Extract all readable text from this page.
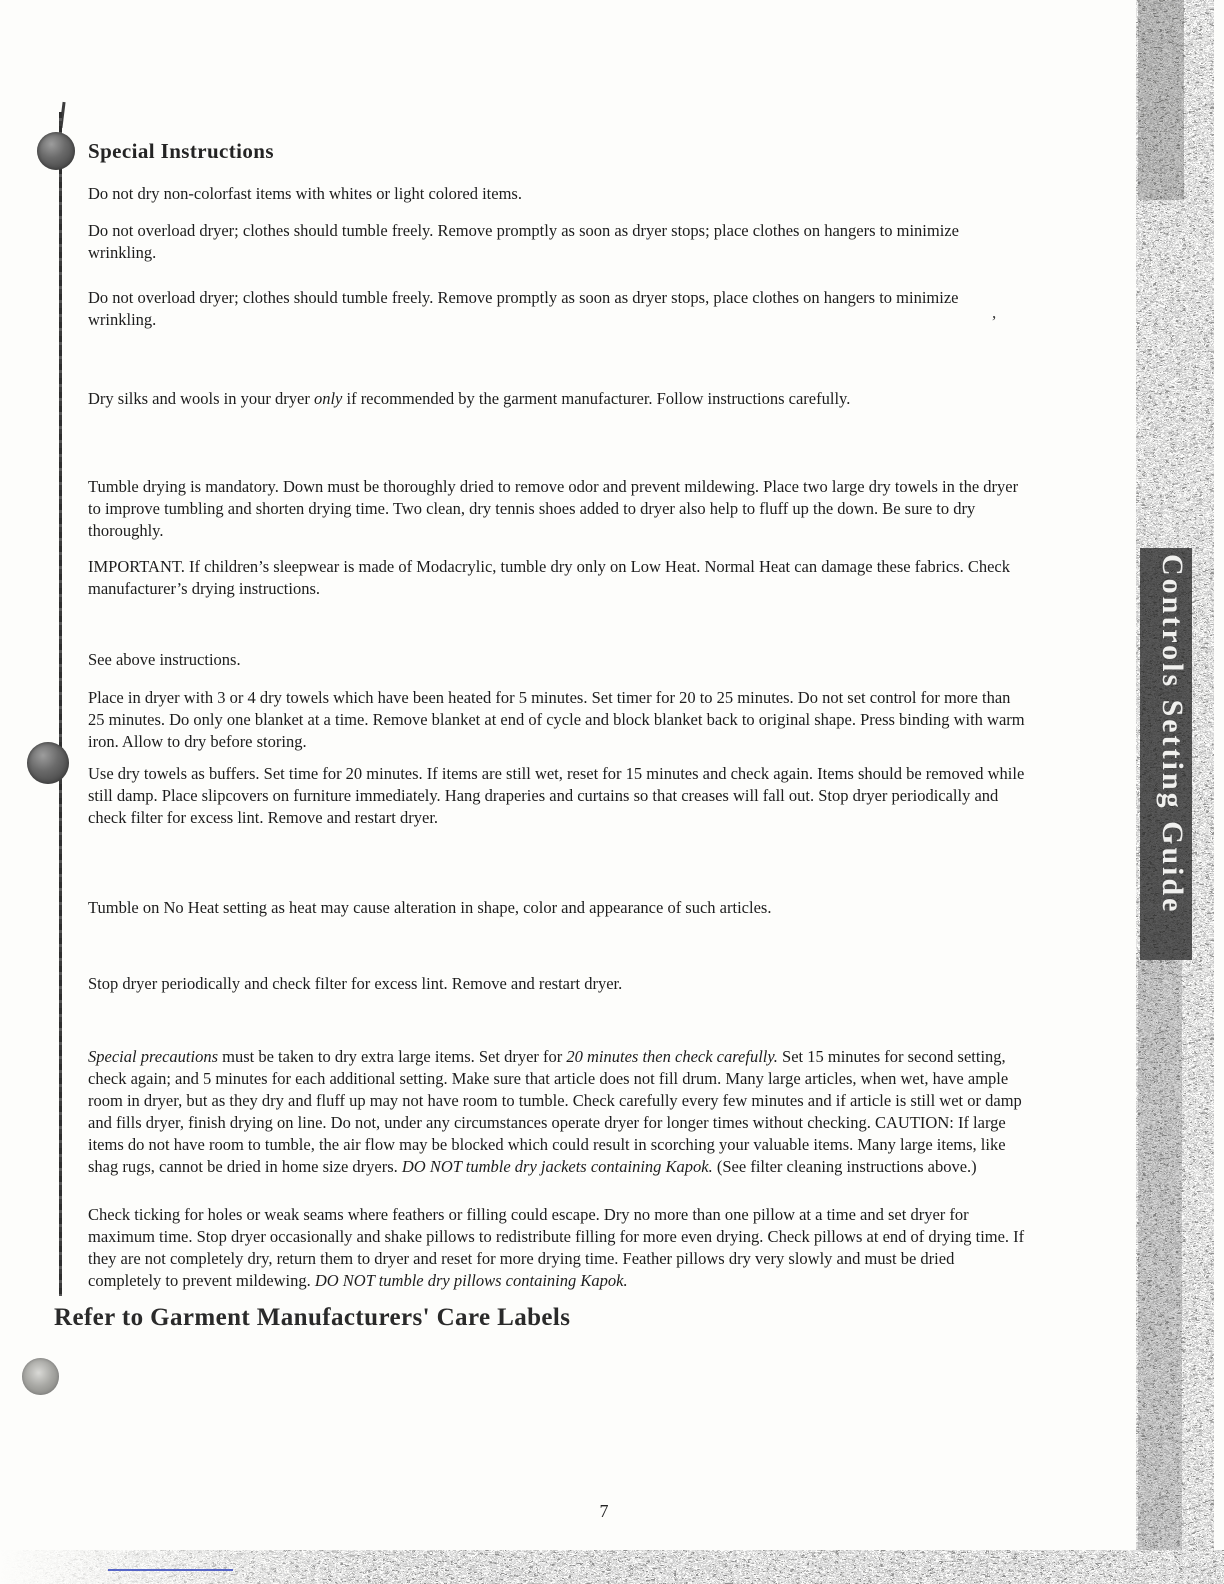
Special Instructions

Do not dry non-colorfast items with whites or light colored items.

Do not overload dryer; clothes should tumble freely. Remove promptly as soon as dryer stops; place clothes on hangers to minimize wrinkling.

Do not overload dryer; clothes should tumble freely. Remove promptly as soon as dryer stops, place clothes on hangers to minimize wrinkling.	,

Dry silks and wools in your dryer only if recommended by the garment manufacturer. Follow instructions carefully.

Tumble drying is mandatory. Down must be thoroughly dried to remove odor and prevent mildewing. Place two large dry towels in the dryer to improve tumbling and shorten drying time. Two clean, dry tennis shoes added to dryer also help to fluff up the down. Be sure to dry thoroughly.

IMPORTANT. If children’s sleepwear is made of Modacrylic, tumble dry only on Low Heat. Normal Heat can damage these fabrics. Check manufacturer’s drying instructions.

See above instructions.

Place in dryer with 3 or 4 dry towels which have been heated for 5 minutes. Set timer for 20 to 25 minutes. Do not set control for more than 25 minutes. Do only one blanket at a time. Remove blanket at end of cycle and block blanket back to original shape. Press binding with warm iron. Allow to dry before storing.

Use dry towels as buffers. Set time for 20 minutes. If items are still wet, reset for 15 minutes and check again. Items should be removed while still damp. Place slipcovers on furniture immediately. Hang draperies and curtains so that creases will fall out. Stop dryer periodically and check filter for excess lint. Remove and restart dryer.

Tumble on No Heat setting as heat may cause alteration in shape, color and appearance of such articles.

Stop dryer periodically and check filter for excess lint. Remove and restart dryer.

Special precautions must be taken to dry extra large items. Set dryer for 20 minutes then check carefully. Set 15 minutes for second setting, check again; and 5 minutes for each additional setting. Make sure that article does not fill drum. Many large articles, when wet, have ample room in dryer, but as they dry and fluff up may not have room to tumble. Check carefully every few minutes and if article is still wet or damp and fills dryer, finish drying on line. Do not, under any circumstances operate dryer for longer times without checking. CAUTION: If large items do not have room to tumble, the air flow may be blocked which could result in scorching your valuable items. Many large items, like shag rugs, cannot be dried in home size dryers. DO NOT tumble dry jackets containing Kapok. (See filter cleaning instructions above.)

Check ticking for holes or weak seams where feathers or filling could escape. Dry no more than one pillow at a time and set dryer for maximum time. Stop dryer occasionally and shake pillows to redistribute filling for more even drying. Check pillows at end of drying time. If they are not completely dry, return them to dryer and reset for more drying time. Feather pillows dry very slowly and must be dried completely to prevent mildewing. DO NOT tumble dry pillows containing Kapok.

Refer to Garment Manufacturers' Care Labels
Controls Setting Guide
7
